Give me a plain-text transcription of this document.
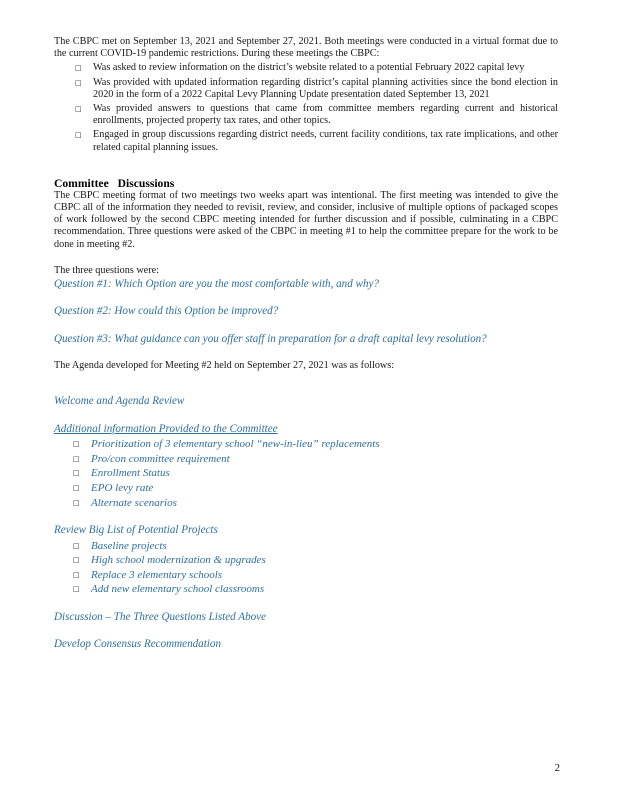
The CBPC met on September 13, 2021 and September 27, 2021. Both meetings were conducted in a virtual format due to the current COVID-19 pandemic restrictions. During these meetings the CBPC:

□ Was asked to review information on the district’s website related to a potential February 2022 capital levy
□ Was provided with updated information regarding district’s capital planning activities since the bond election in 2020 in the form of a 2022 Capital Levy Planning Update presentation dated September 13, 2021
□ Was provided answers to questions that came from committee members regarding current and historical enrollments, projected property tax rates, and other topics.
□ Engaged in group discussions regarding district needs, current facility conditions, tax rate implications, and other related capital planning issues.
Committee Discussions

The CBPC meeting format of two meetings two weeks apart was intentional. The first meeting was intended to give the CBPC all of the information they needed to revisit, review, and consider, inclusive of multiple options of packaged scopes of work followed by the second CBPC meeting intended for further discussion and if possible, culminating in a CBPC recommendation. Three questions were asked of the CBPC in meeting #1 to help the committee prepare for the work to be done in meeting #2.

The three questions were:

Question #1: Which Option are you the most comfortable with, and why?

Question #2: How could this Option be improved?

Question #3: What guidance can you offer staff in preparation for a draft capital levy resolution?

The Agenda developed for Meeting #2 held on September 27, 2021 was as follows:

Welcome and Agenda Review

Additional information Provided to the Committee

□ Prioritization of 3 elementary school “new-in-lieu” replacements
□ Pro/con committee requirement
□ Enrollment Status
□ EPO levy rate
□ Alternate scenarios

Review Big List of Potential Projects

□ Baseline projects
□ High school modernization & upgrades
□ Replace 3 elementary schools
□ Add new elementary school classrooms

Discussion – The Three Questions Listed Above

Develop Consensus Recommendation

2
